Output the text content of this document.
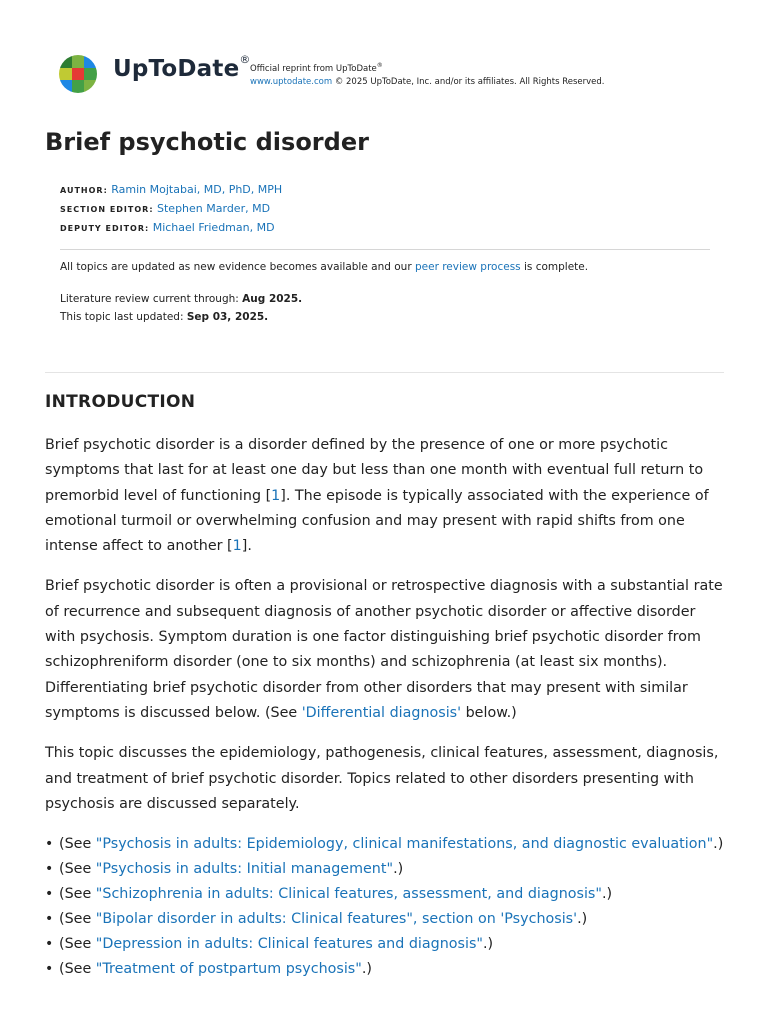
UpToDate®
Official reprint from UpToDate®
www.uptodate.com © 2025 UpToDate, Inc. and/or its affiliates. All Rights Reserved.
Brief psychotic disorder
AUTHOR: Ramin Mojtabai, MD, PhD, MPH
SECTION EDITOR: Stephen Marder, MD
DEPUTY EDITOR: Michael Friedman, MD

All topics are updated as new evidence becomes available and our peer review process is complete.

Literature review current through: Aug 2025.

This topic last updated: Sep 03, 2025.

INTRODUCTION

Brief psychotic disorder is a disorder defined by the presence of one or more psychotic symptoms that last for at least one day but less than one month with eventual full return to premorbid level of functioning [1]. The episode is typically associated with the experience of emotional turmoil or overwhelming confusion and may present with rapid shifts from one intense affect to another [1].

Brief psychotic disorder is often a provisional or retrospective diagnosis with a substantial rate of recurrence and subsequent diagnosis of another psychotic disorder or affective disorder with psychosis. Symptom duration is one factor distinguishing brief psychotic disorder from schizophreniform disorder (one to six months) and schizophrenia (at least six months). Differentiating brief psychotic disorder from other disorders that may present with similar symptoms is discussed below. (See 'Differential diagnosis' below.)

This topic discusses the epidemiology, pathogenesis, clinical features, assessment, diagnosis, and treatment of brief psychotic disorder. Topics related to other disorders presenting with psychosis are discussed separately.

• (See "Psychosis in adults: Epidemiology, clinical manifestations, and diagnostic evaluation".)
• (See "Psychosis in adults: Initial management".)
• (See "Schizophrenia in adults: Clinical features, assessment, and diagnosis".)
• (See "Bipolar disorder in adults: Clinical features", section on 'Psychosis'.)
• (See "Depression in adults: Clinical features and diagnosis".)
• (See "Treatment of postpartum psychosis".)
